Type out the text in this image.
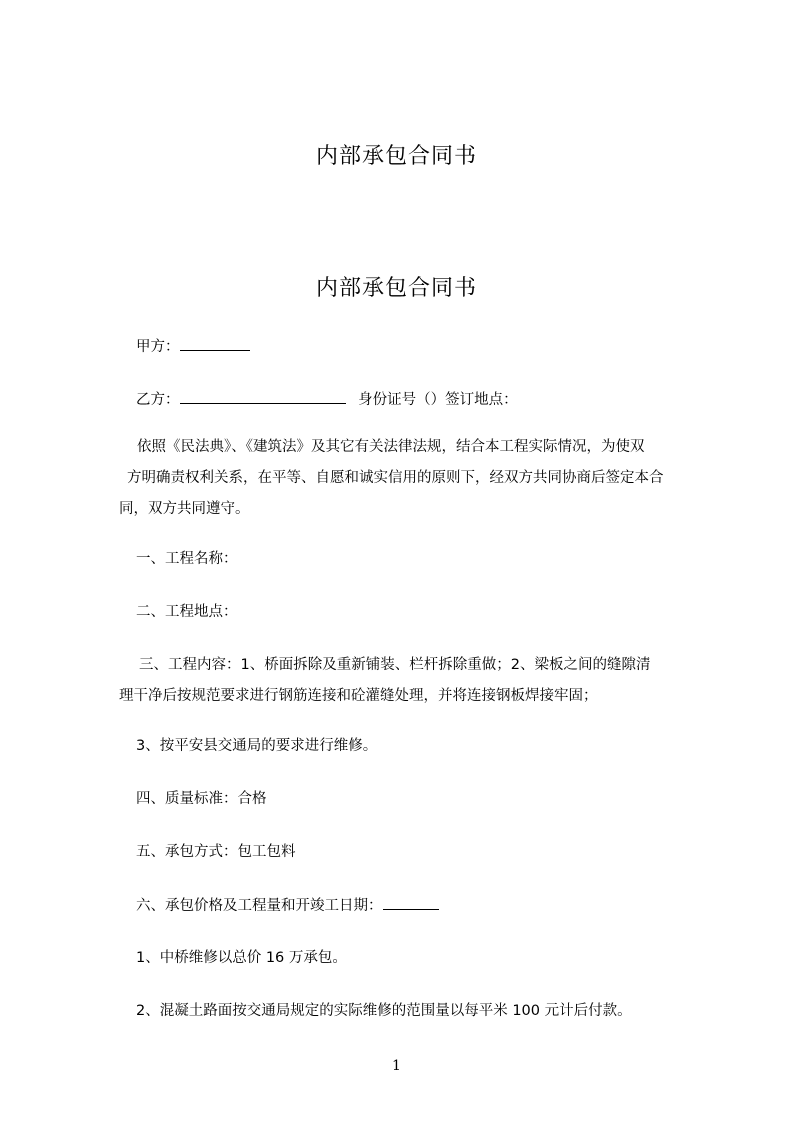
内部承包合同书
内部承包合同书
甲方：
乙方：	身份证号（）签订地点：
依照《民法典》、《建筑法》及其它有关法律法规，结合本工程实际情况，为使双
方明确责权利关系，在平等、自愿和诚实信用的原则下，经双方共同协商后签定本合
同，双方共同遵守。
一、工程名称：
二、工程地点：
三、工程内容：1、桥面拆除及重新铺装、栏杆拆除重做；2、梁板之间的缝隙清
理干净后按规范要求进行钢筋连接和砼灌缝处理，并将连接钢板焊接牢固；
3、按平安县交通局的要求进行维修。
四、质量标准：合格
五、承包方式：包工包料
六、承包价格及工程量和开竣工日期：
1、中桥维修以总价 16 万承包。
2、混凝土路面按交通局规定的实际维修的范围量以每平米 100 元计后付款。
1
